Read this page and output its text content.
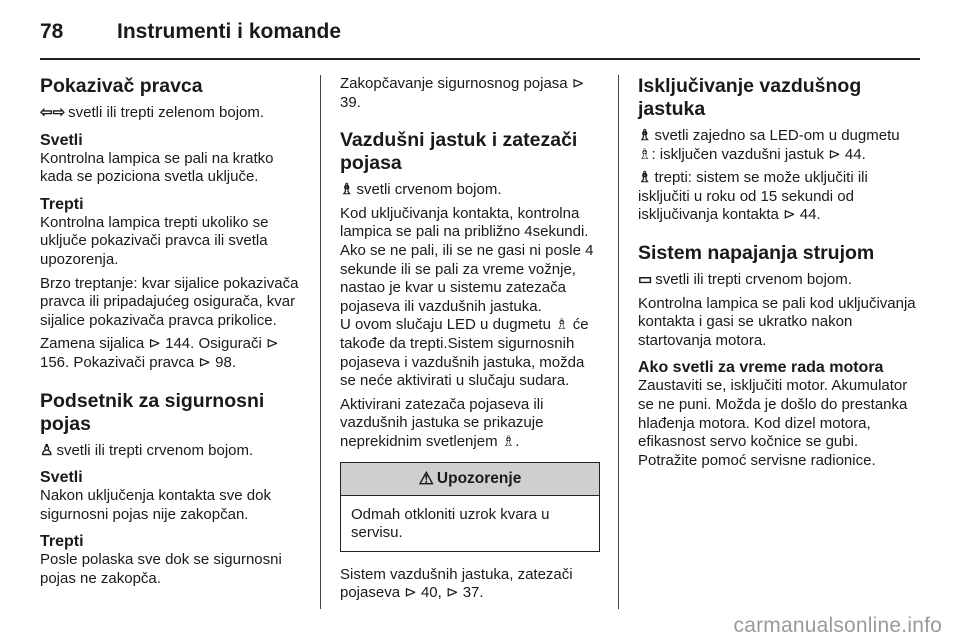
78	Instrumenti i komande
Pokazivač pravca

⇦⇨ svetli ili trepti zelenom bojom.

Svetli

Kontrolna lampica se pali na kratko kada se poziciona svetla uključe.

Trepti

Kontrolna lampica trepti ukoliko se uključe pokazivači pravca ili svetla upozorenja.

Brzo treptanje: kvar sijalice pokazivača pravca ili pripadajućeg osigurača, kvar sijalice pokazivača pravca prikolice.

Zamena sijalica ⊳ 144. Osigurači ⊳ 156. Pokazivači pravca ⊳ 98.

Podsetnik za sigurnosni pojas

♙ svetli ili trepti crvenom bojom.

Svetli

Nakon uključenja kontakta sve dok sigurnosni pojas nije zakopčan.

Trepti

Posle polaska sve dok se sigurnosni pojas ne zakopča.

Zakopčavanje sigurnosnog pojasa ⊳ 39.

Vazdušni jastuk i zatezači pojasa

♗ svetli crvenom bojom.

Kod uključivanja kontakta, kontrolna lampica se pali na približno 4sekundi. Ako se ne pali, ili se ne gasi ni posle 4 sekunde ili se pali za vreme vožnje, nastao je kvar u sistemu zatezača pojaseva ili vazdušnih jastuka.

U ovom slučaju LED u dugmetu ♗ će takođe da trepti.Sistem sigurnosnih pojaseva i vazdušnih jastuka, možda se neće aktivirati u slučaju sudara.

Aktivirani zatezača pojaseva ili vazdušnih jastuka se prikazuje neprekidnim svetlenjem ♗.

⚠ Upozorenje
Odmah otkloniti uzrok kvara u servisu.

Sistem vazdušnih jastuka, zatezači pojaseva ⊳ 40, ⊳ 37.

Isključivanje vazdušnog jastuka

♗ svetli zajedno sa LED-om u dugmetu ♗: isključen vazdušni jastuk ⊳ 44.

♗ trepti: sistem se može uključiti ili isključiti u roku od 15 sekundi od isključivanja kontakta ⊳ 44.

Sistem napajanja strujom

▭ svetli ili trepti crvenom bojom.

Kontrolna lampica se pali kod uključivanja kontakta i gasi se ukratko nakon startovanja motora.

Ako svetli za vreme rada motora

Zaustaviti se, isključiti motor. Akumulator se ne puni. Možda je došlo do prestanka hlađenja motora. Kod dizel motora, efikasnost servo kočnice se gubi. Potražite pomoć servisne radionice.

carmanualsonline.info
